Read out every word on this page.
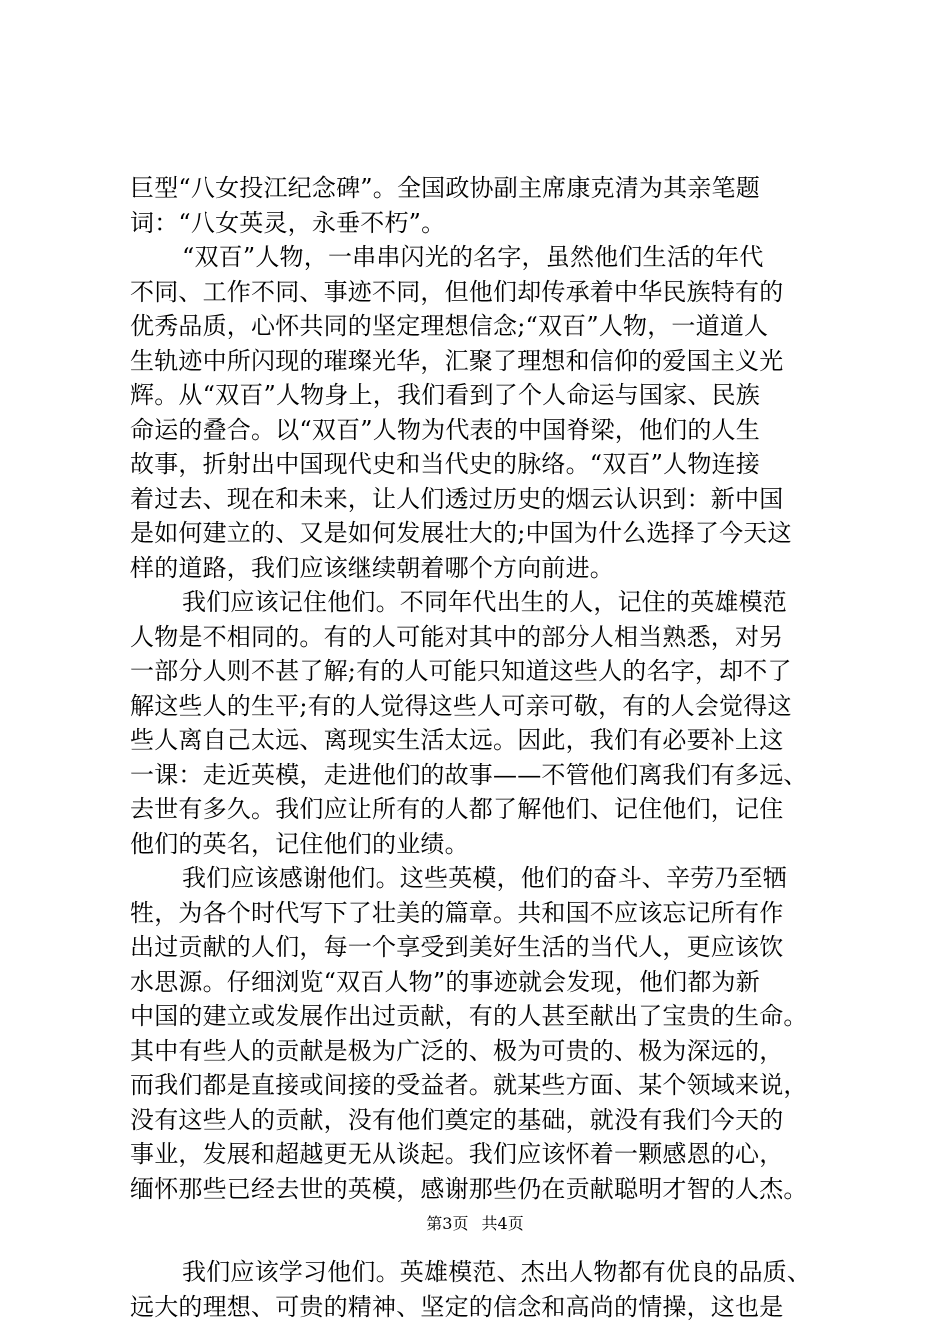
巨型“八女投江纪念碑”。全国政协副主席康克清为其亲笔题
词：“八女英灵，永垂不朽”。
“双百”人物，一串串闪光的名字，虽然他们生活的年代
不同、工作不同、事迹不同，但他们却传承着中华民族特有的
优秀品质，心怀共同的坚定理想信念;“双百”人物，一道道人
生轨迹中所闪现的璀璨光华，汇聚了理想和信仰的爱国主义光
辉。从“双百”人物身上，我们看到了个人命运与国家、民族
命运的叠合。以“双百”人物为代表的中国脊梁，他们的人生
故事，折射出中国现代史和当代史的脉络。“双百”人物连接
着过去、现在和未来，让人们透过历史的烟云认识到：新中国
是如何建立的、又是如何发展壮大的;中国为什么选择了今天这
样的道路，我们应该继续朝着哪个方向前进。
我们应该记住他们。不同年代出生的人，记住的英雄模范
人物是不相同的。有的人可能对其中的部分人相当熟悉，对另
一部分人则不甚了解;有的人可能只知道这些人的名字，却不了
解这些人的生平;有的人觉得这些人可亲可敬，有的人会觉得这
些人离自己太远、离现实生活太远。因此，我们有必要补上这
一课：走近英模，走进他们的故事——不管他们离我们有多远、
去世有多久。我们应让所有的人都了解他们、记住他们，记住
他们的英名，记住他们的业绩。
我们应该感谢他们。这些英模，他们的奋斗、辛劳乃至牺
牲，为各个时代写下了壮美的篇章。共和国不应该忘记所有作
出过贡献的人们，每一个享受到美好生活的当代人，更应该饮
水思源。仔细浏览“双百人物”的事迹就会发现，他们都为新
中国的建立或发展作出过贡献，有的人甚至献出了宝贵的生命。
其中有些人的贡献是极为广泛的、极为可贵的、极为深远的，
而我们都是直接或间接的受益者。就某些方面、某个领域来说，
没有这些人的贡献，没有他们奠定的基础，就没有我们今天的
事业，发展和超越更无从谈起。我们应该怀着一颗感恩的心，
缅怀那些已经去世的英模，感谢那些仍在贡献聪明才智的人杰。
我们应该学习他们。英雄模范、杰出人物都有优良的品质、
远大的理想、可贵的精神、坚定的信念和高尚的情操，这也是
第3页 共4页
